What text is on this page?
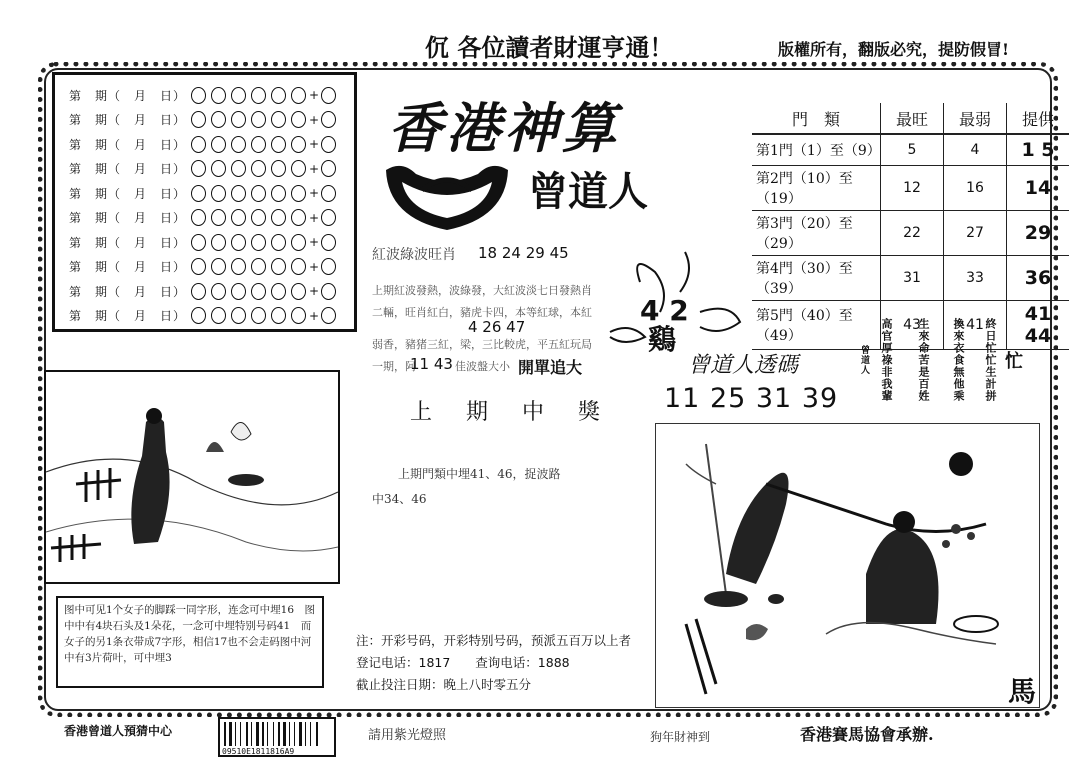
伔 各位讀者財運亨通！	版權所有，翻版必究，提防假冒!
第　期（　月　日）	+
第　期（　月　日）	+
第　期（　月　日）	+
第　期（　月　日）	+
第　期（　月　日）	+
第　期（　月　日）	+
第　期（　月　日）	+
第　期（　月　日）	+
第　期（　月　日）	+
第　期（　月　日）	+
香港神算
曾道人
紅波綠波旺肖 18 24 29 45
上期紅波發熱，波綠發，大紅波淡七日發熱肖
二輛，旺肖紅白，豬虎卡四，本等紅球，本紅
4 26 47
弱香，豬猪三紅，梁，三比較虎，平五紅玩局
一期，阿
11 43 佳波盤大小 開單追大
上期中獎
上期門類中埋41、46，捉波路
中34、46
4 2
鷄
門　類	最旺	最弱	提供
第1門（1）至（9）	5	4	1 5
第2門（10）至（19）	12	16	14
第3門（20）至（29）	22	27	29
第4門（30）至（39）	31	33	36
第5門（40）至（49）	43	41	41 44
終日忙忙生計拼
換來衣食無他乘
生來命苦是百姓
高官厚祿非我輩
曾道人	忙
曾道人透碼
11 25 31 39
图中可见1个女子的脚踩一同字形，连念可中埋16　图中中有4块石头及1朵花，一念可中埋特别号码41　而女子的另1条衣带成7字形，相信17也不会走码图中河中有3片荷叶，可中埋3
注：开彩号码，开彩特别号码，预派五百万以上者
登记电话：1817　　查询电话：1888
截止投注日期：晚上八时零五分	馬
香港曾道人預猜中心
09510E1811816A9
請用紫光燈照	狗年財神到	香港賽馬協會承辦.
